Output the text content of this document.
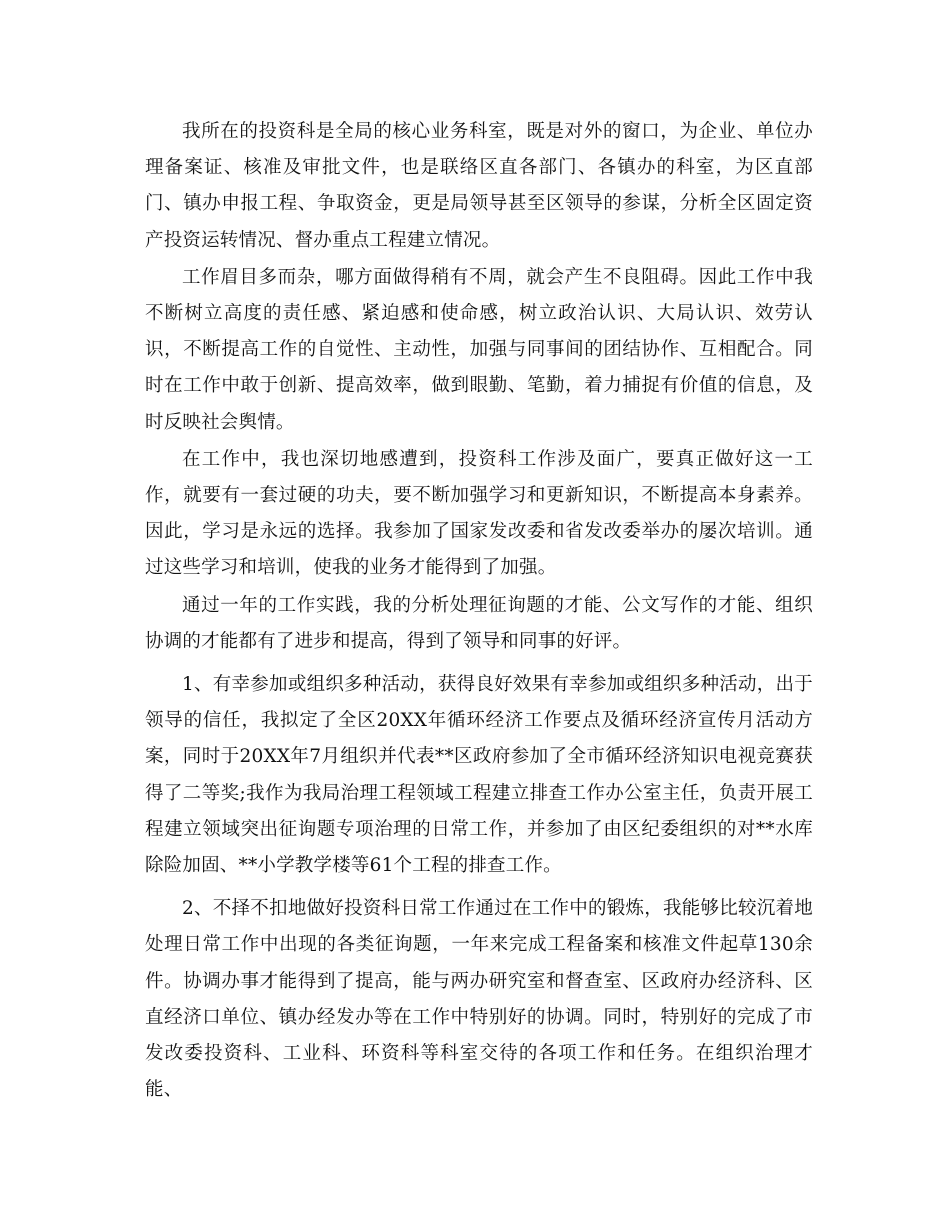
我所在的投资科是全局的核心业务科室，既是对外的窗口，为企业、单位办理备案证、核准及审批文件，也是联络区直各部门、各镇办的科室，为区直部门、镇办申报工程、争取资金，更是局领导甚至区领导的参谋，分析全区固定资产投资运转情况、督办重点工程建立情况。

工作眉目多而杂，哪方面做得稍有不周，就会产生不良阻碍。因此工作中我不断树立高度的责任感、紧迫感和使命感，树立政治认识、大局认识、效劳认识，不断提高工作的自觉性、主动性，加强与同事间的团结协作、互相配合。同时在工作中敢于创新、提高效率，做到眼勤、笔勤，着力捕捉有价值的信息，及时反映社会舆情。

在工作中，我也深切地感遭到，投资科工作涉及面广，要真正做好这一工作，就要有一套过硬的功夫，要不断加强学习和更新知识，不断提高本身素养。因此，学习是永远的选择。我参加了国家发改委和省发改委举办的屡次培训。通过这些学习和培训，使我的业务才能得到了加强。

通过一年的工作实践，我的分析处理征询题的才能、公文写作的才能、组织协调的才能都有了进步和提高，得到了领导和同事的好评。

1、有幸参加或组织多种活动，获得良好效果有幸参加或组织多种活动，出于领导的信任，我拟定了全区20XX年循环经济工作要点及循环经济宣传月活动方案，同时于20XX年7月组织并代表**区政府参加了全市循环经济知识电视竞赛获得了二等奖;我作为我局治理工程领域工程建立排查工作办公室主任，负责开展工程建立领域突出征询题专项治理的日常工作，并参加了由区纪委组织的对**水库除险加固、**小学教学楼等61个工程的排查工作。

2、不择不扣地做好投资科日常工作通过在工作中的锻炼，我能够比较沉着地处理日常工作中出现的各类征询题，一年来完成工程备案和核准文件起草130余件。协调办事才能得到了提高，能与两办研究室和督查室、区政府办经济科、区直经济口单位、镇办经发办等在工作中特别好的协调。同时，特别好的完成了市发改委投资科、工业科、环资科等科室交待的各项工作和任务。在组织治理才能、
